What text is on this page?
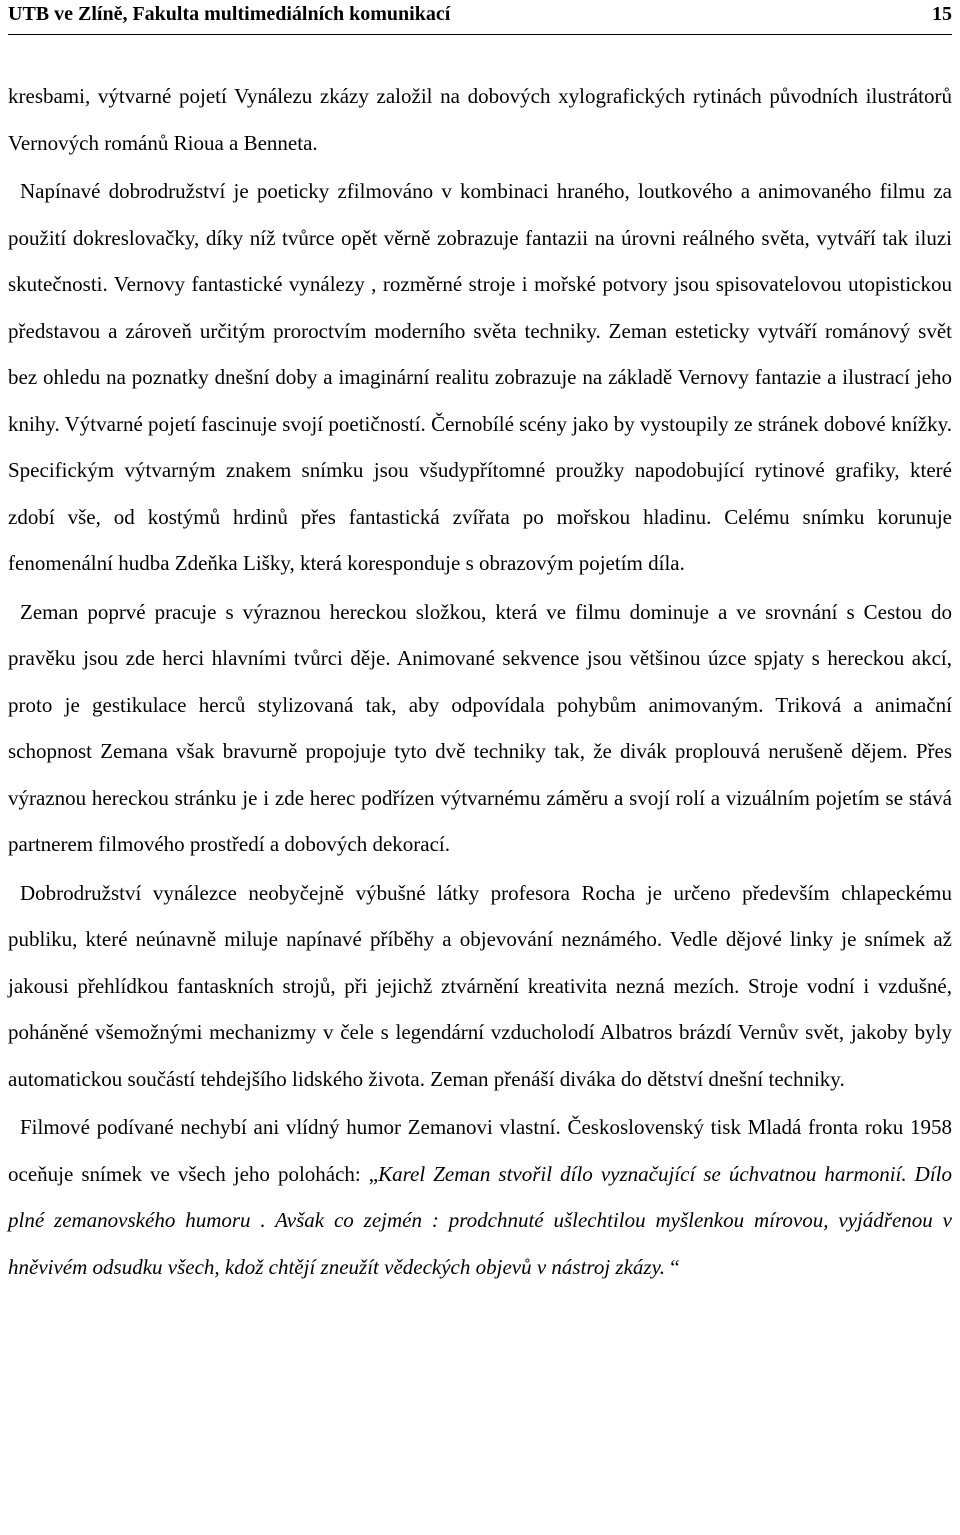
UTB ve Zlíně, Fakulta multimediálních komunikací	15

kresbami, výtvarné pojetí Vynálezu zkázy založil na dobových xylografických rytinách původních ilustrátorů Vernových románů Rioua a Benneta.

Napínavé dobrodružství je poeticky zfilmováno v kombinaci hraného, loutkového a animovaného filmu za použití dokreslovačky, díky níž tvůrce opět věrně zobrazuje fantazii na úrovni reálného světa, vytváří tak iluzi skutečnosti. Vernovy fantastické vynálezy , rozměrné stroje i mořské potvory jsou spisovatelovou utopistickou představou a zároveň určitým proroctvím moderního světa techniky. Zeman esteticky vytváří románový svět bez ohledu na poznatky dnešní doby a imaginární realitu zobrazuje na základě Vernovy fantazie a ilustrací jeho knihy. Výtvarné pojetí fascinuje svojí poetičností. Černobílé scény jako by vystoupily ze stránek dobové knížky. Specifickým výtvarným znakem snímku jsou všudypřítomné proužky napodobující rytinové grafiky, které zdobí vše, od kostýmů hrdinů přes fantastická zvířata po mořskou hladinu. Celému snímku korunuje fenomenální hudba Zdeňka Lišky, která koresponduje s obrazovým pojetím díla.

Zeman poprvé pracuje s výraznou hereckou složkou, která ve filmu dominuje a ve srovnání s Cestou do pravěku jsou zde herci hlavními tvůrci děje. Animované sekvence jsou většinou úzce spjaty s hereckou akcí, proto je gestikulace herců stylizovaná tak, aby odpovídala pohybům animovaným. Triková a animační schopnost Zemana však bravurně propojuje tyto dvě techniky tak, že divák proplouvá nerušeně dějem. Přes výraznou hereckou stránku je i zde herec podřízen výtvarnému záměru a svojí rolí a vizuálním pojetím se stává partnerem filmového prostředí a dobových dekorací.

Dobrodružství vynálezce neobyčejně výbušné látky profesora Rocha je určeno především chlapeckému publiku, které neúnavně miluje napínavé příběhy a objevování neznámého. Vedle dějové linky je snímek až jakousi přehlídkou fantaskních strojů, při jejichž ztvárnění kreativita nezná mezích. Stroje vodní i vzdušné, poháněné všemožnými mechanizmy v čele s legendární vzducholodí Albatros brázdí Vernův svět, jakoby byly automatickou součástí tehdejšího lidského života. Zeman přenáší diváka do dětství dnešní techniky.

Filmové podívané nechybí ani vlídný humor Zemanovi vlastní. Československý tisk Mladá fronta roku 1958 oceňuje snímek ve všech jeho polohách: „Karel Zeman stvořil dílo vyznačující se úchvatnou harmonií. Dílo plné zemanovského humoru . Avšak co zejmén : prodchnuté ušlechtilou myšlenkou mírovou, vyjádřenou v hněvivém odsudku všech, kdož chtějí zneužít vědeckých objevů v nástroj zkázy. “
